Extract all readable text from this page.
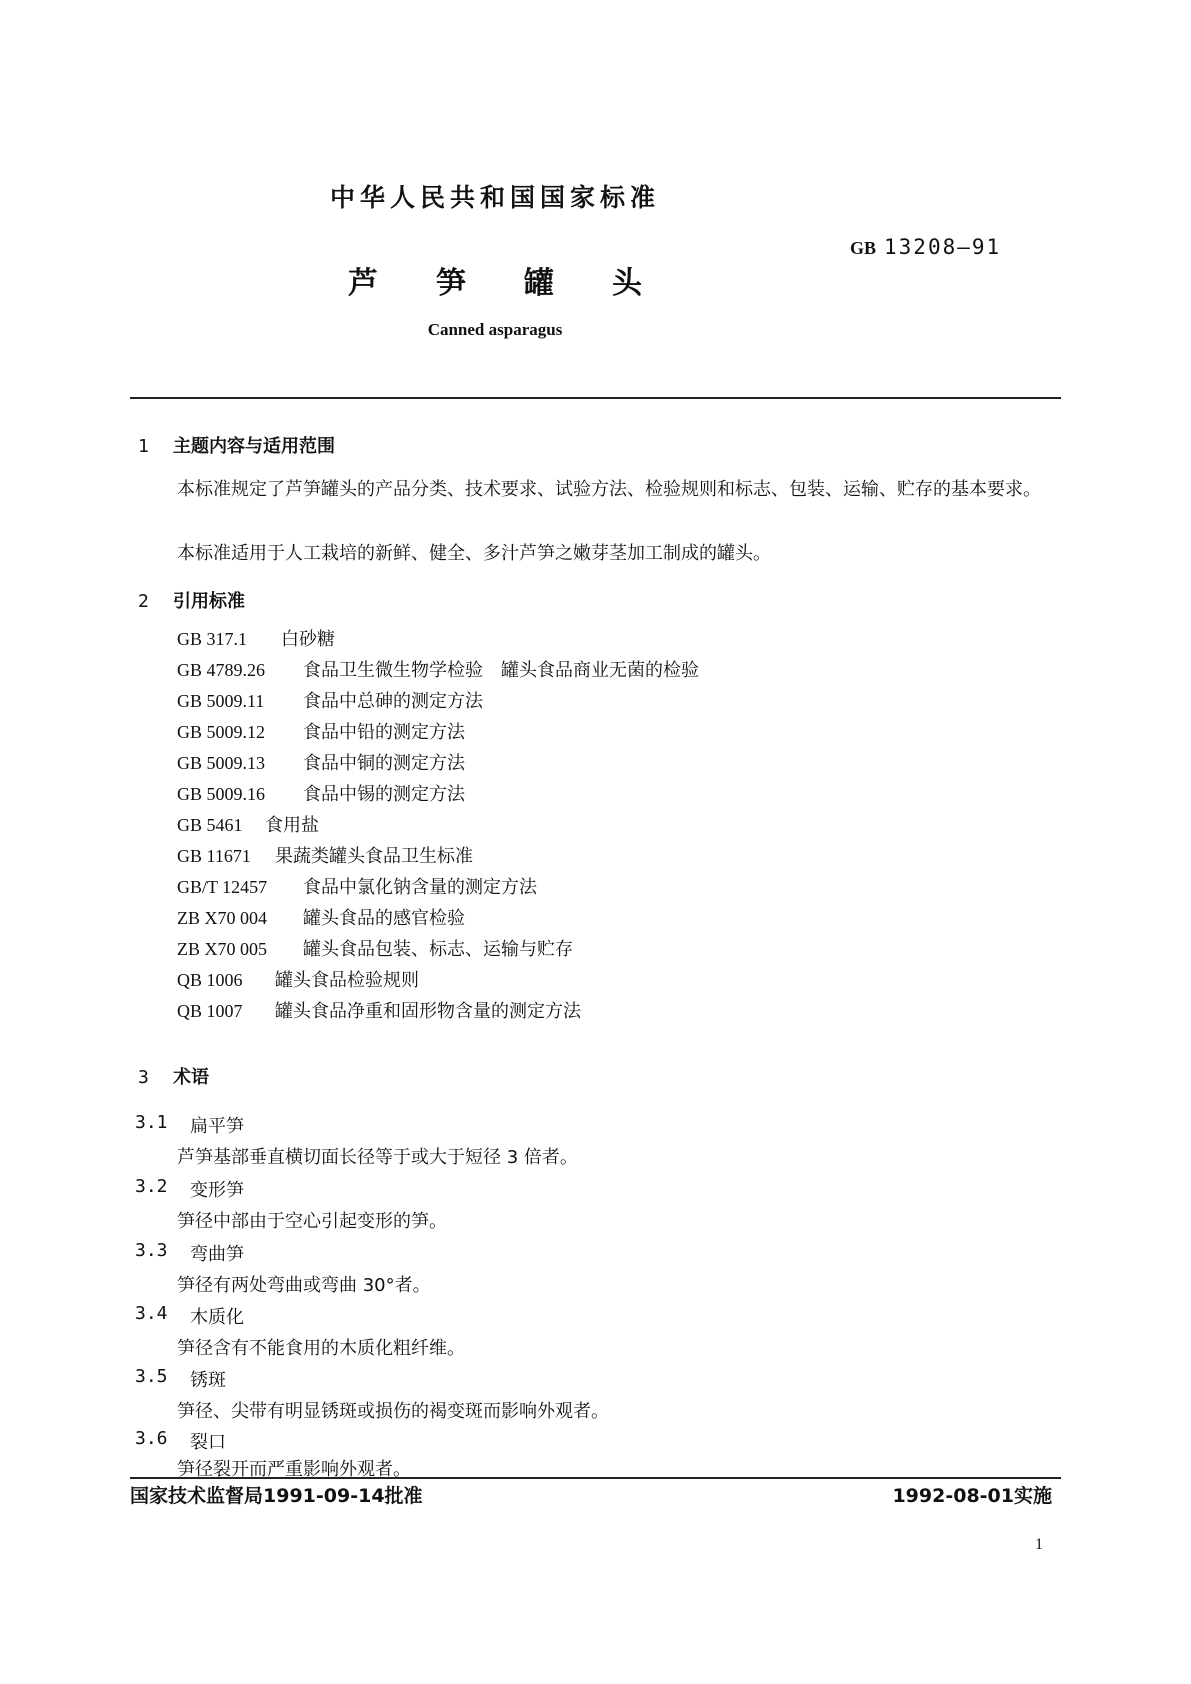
中华人民共和国国家标准
GB 13208—91
芦笋罐头
Canned asparagus
1 主题内容与适用范围
本标准规定了芦笋罐头的产品分类、技术要求、试验方法、检验规则和标志、包装、运输、贮存的基本要求。
本标准适用于人工栽培的新鲜、健全、多汁芦笋之嫩芽茎加工制成的罐头。
2 引用标准
GB 317.1 白砂糖
GB 4789.26 食品卫生微生物学检验　罐头食品商业无菌的检验
GB 5009.11 食品中总砷的测定方法
GB 5009.12 食品中铅的测定方法
GB 5009.13 食品中铜的测定方法
GB 5009.16 食品中锡的测定方法
GB 5461 食用盐
GB 11671 果蔬类罐头食品卫生标准
GB/T 12457 食品中氯化钠含量的测定方法
ZB X70 004 罐头食品的感官检验
ZB X70 005 罐头食品包装、标志、运输与贮存
QB 1006 罐头食品检验规则
QB 1007 罐头食品净重和固形物含量的测定方法
3 术语
3.1 扁平笋
芦笋基部垂直横切面长径等于或大于短径 3 倍者。
3.2 变形笋
笋径中部由于空心引起变形的笋。
3.3 弯曲笋
笋径有两处弯曲或弯曲 30°者。
3.4 木质化
笋径含有不能食用的木质化粗纤维。
3.5 锈斑
笋径、尖带有明显锈斑或损伤的褐变斑而影响外观者。
3.6 裂口
笋径裂开而严重影响外观者。
国家技术监督局1991-09-14批准	1992-08-01实施
1
